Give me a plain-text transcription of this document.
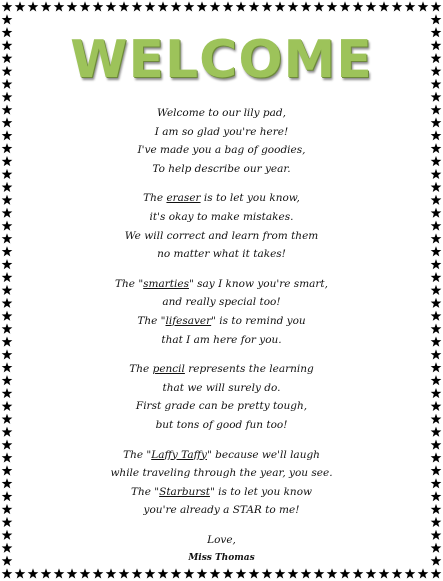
WELCOME
Welcome to our lily pad,
I am so glad you're here!
I've made you a bag of goodies,
To help describe our year.
The eraser is to let you know,
it's okay to make mistakes.
We will correct and learn from them
no matter what it takes!
The "smarties" say I know you're smart,
and really special too!
The "lifesaver" is to remind you
that I am here for you.
The pencil represents the learning
that we will surely do.
First grade can be pretty tough,
but tons of good fun too!
The "Laffy Taffy" because we'll laugh
while traveling through the year, you see.
The "Starburst" is to let you know
you're already a STAR to me!
Love,
Miss Thomas
